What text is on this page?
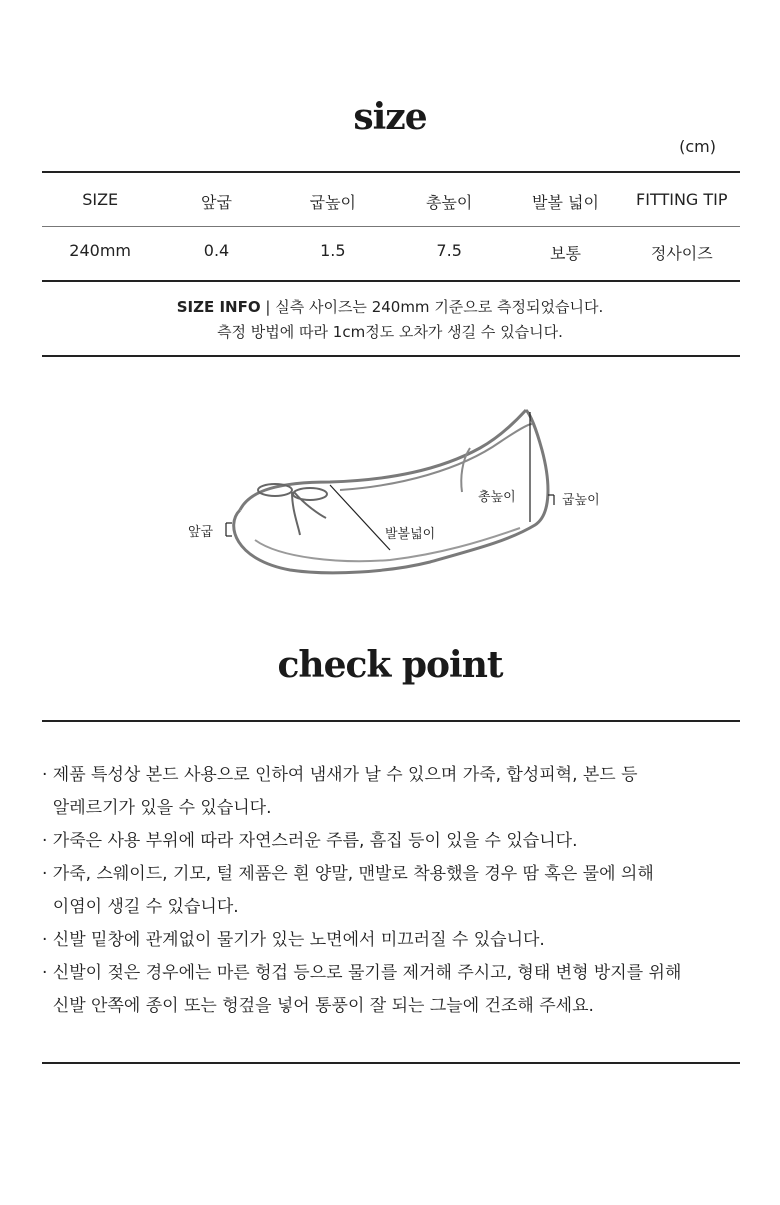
size
(cm)
SIZE	앞굽	굽높이	총높이	발볼 넓이	FITTING TIP
240mm	0.4	1.5	7.5	보통	정사이즈
SIZE INFO | 실측 사이즈는 240mm 기준으로 측정되었습니다.
측정 방법에 따라 1cm정도 오차가 생길 수 있습니다.
앞굽	발볼넓이
총높이	굽높이
check point
· 제품 특성상 본드 사용으로 인하여 냄새가 날 수 있으며 가죽, 합성피혁, 본드 등
알레르기가 있을 수 있습니다.
· 가죽은 사용 부위에 따라 자연스러운 주름, 흠집 등이 있을 수 있습니다.
· 가죽, 스웨이드, 기모, 털 제품은 흰 양말, 맨발로 착용했을 경우 땀 혹은 물에 의해
이염이 생길 수 있습니다.
· 신발 밑창에 관계없이 물기가 있는 노면에서 미끄러질 수 있습니다.
· 신발이 젖은 경우에는 마른 헝겁 등으로 물기를 제거해 주시고, 형태 변형 방지를 위해
신발 안쪽에 종이 또는 헝겊을 넣어 통풍이 잘 되는 그늘에 건조해 주세요.
